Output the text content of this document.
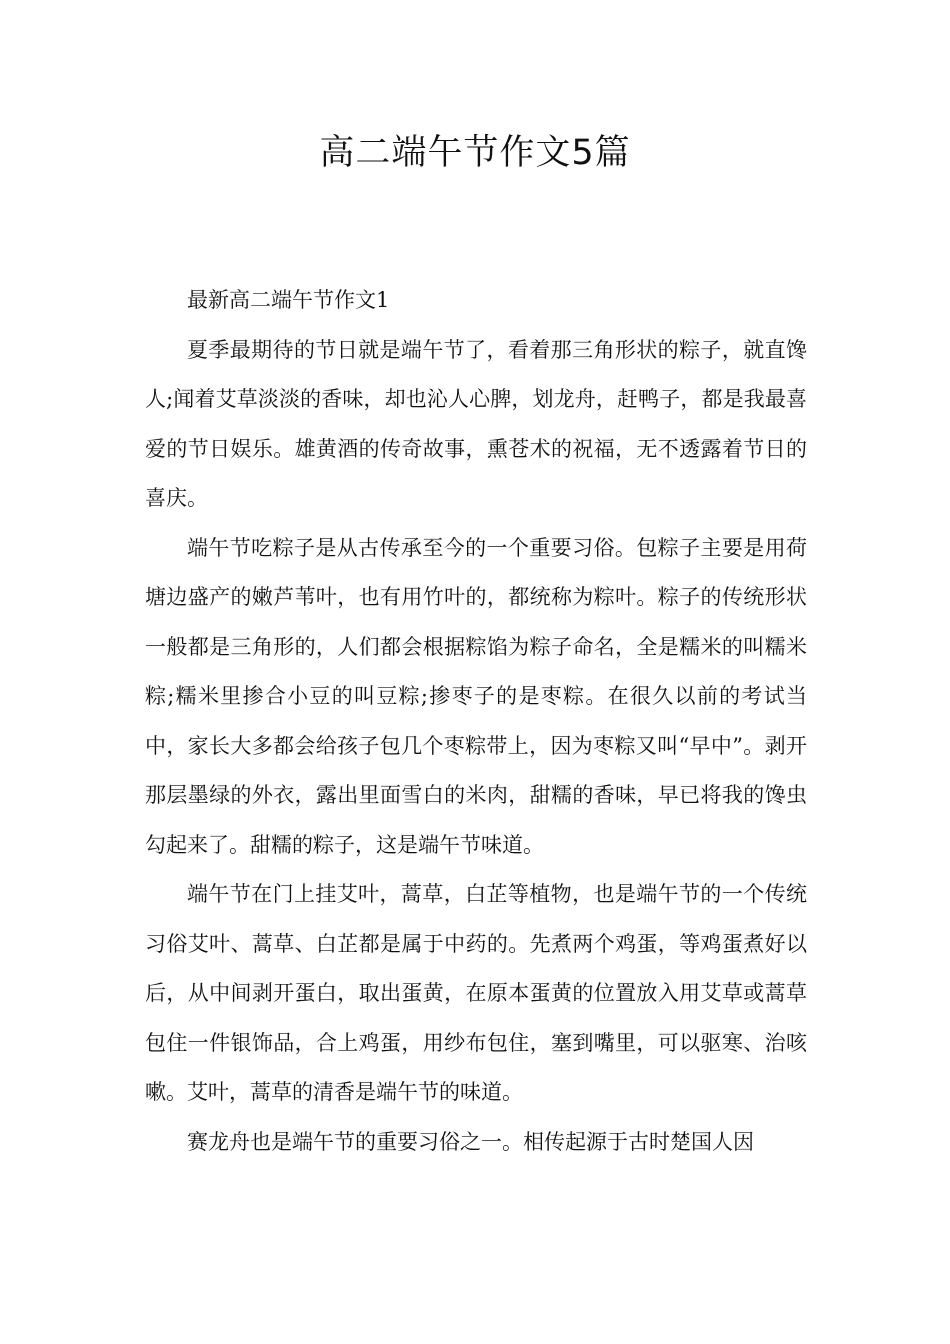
高二端午节作文5篇

最新高二端午节作文1

夏季最期待的节日就是端午节了，看着那三角形状的粽子，就直馋人;闻着艾草淡淡的香味，却也沁人心脾，划龙舟，赶鸭子，都是我最喜爱的节日娱乐。雄黄酒的传奇故事，熏苍术的祝福，无不透露着节日的喜庆。

端午节吃粽子是从古传承至今的一个重要习俗。包粽子主要是用荷塘边盛产的嫩芦苇叶，也有用竹叶的，都统称为粽叶。粽子的传统形状一般都是三角形的，人们都会根据粽馅为粽子命名，全是糯米的叫糯米粽;糯米里掺合小豆的叫豆粽;掺枣子的是枣粽。在很久以前的考试当中，家长大多都会给孩子包几个枣粽带上，因为枣粽又叫“早中”。剥开那层墨绿的外衣，露出里面雪白的米肉，甜糯的香味，早已将我的馋虫勾起来了。甜糯的粽子，这是端午节味道。

端午节在门上挂艾叶，蒿草，白芷等植物，也是端午节的一个传统习俗艾叶、蒿草、白芷都是属于中药的。先煮两个鸡蛋，等鸡蛋煮好以后，从中间剥开蛋白，取出蛋黄，在原本蛋黄的位置放入用艾草或蒿草包住一件银饰品，合上鸡蛋，用纱布包住，塞到嘴里，可以驱寒、治咳嗽。艾叶，蒿草的清香是端午节的味道。

赛龙舟也是端午节的重要习俗之一。相传起源于古时楚国人因
